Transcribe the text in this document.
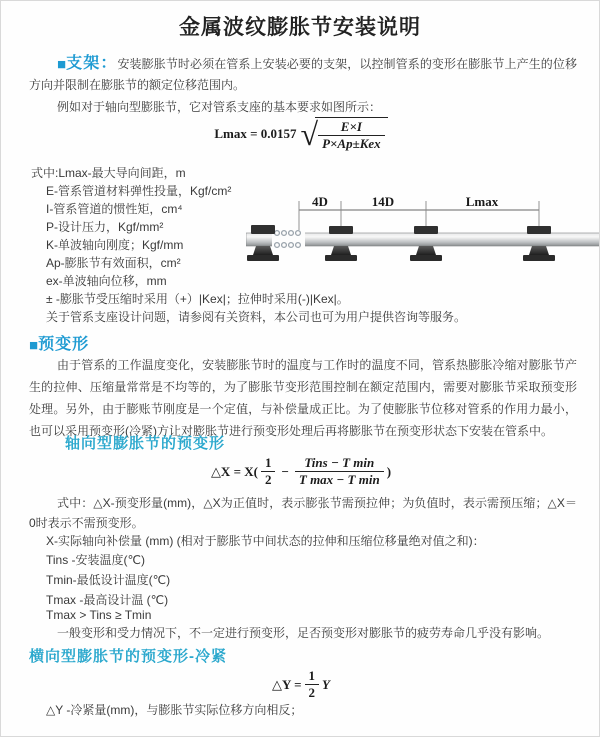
金属波纹膨胀节安装说明
■支架：安装膨胀节时必须在管系上安装必要的支架，以控制管系的变形在膨胀节上产生的位移方向并限制在膨胀节的额定位移范围内。
例如对于轴向型膨胀节，它对管系支座的基本要求如图所示：
Lmax = 0.0157 √ $\frac{E\times I}{\text{P×Ap±Kex}}$
式中:Lmax-最大导向间距，m
E-管系管道材料弹性投量，Kgf/cm²
I-管系管道的惯性矩，cm⁴
P-设计压力，Kgf/mm²
K-单波轴向刚度；Kgf/mm
Ap-膨胀节有效面积，cm²
ex-单波轴向位移，mm
± -膨胀节受压缩时采用（+）|Kex|；拉伸时采用(-)|Kex|。
关于管系支座设计问题，请参阅有关资料，本公司也可为用户提供咨询等服务。
4D	14D	Lmax
■预变形
由于管系的工作温度变化，安装膨胀节时的温度与工作时的温度不同，管系热膨胀冷缩对膨胀节产生的拉伸、压缩量常常是不均等的，为了膨胀节变形范围控制在额定范围内，需要对膨胀节采取预变形处理。另外，由于膨账节刚度是一个定值，与补偿量成正比。为了使膨胀节位移对管系的作用力最小，也可以采用预变形(冷紧)方让对膨胀节进行预变形处理后再将膨胀节在预变形状态下安装在管系中。
轴向型膨胀节的预变形
△X = $X( \frac{1}{2} - \frac{\text{Tins − T min}}{\text{T max − T min}}$ )
式中：△X-预变形量(mm)，△X为正值时，表示膨张节需预拉伸；为负值时，表示需预压缩；△X＝0时表示不需预变形。
X-实际轴向补偿量 (mm) (相对于膨胀节中间状态的拉伸和压缩位移量绝对值之和)：
Tins -安装温度(℃)
Tmin-最低设计温度(℃)
Tmax -最高设计温 (℃)
Tmax > Tins ≥ Tmin
一般变形和受力情况下，不一定进行预变形，足否预变形对膨胀节的疲劳寿命几乎没有影响。
横向型膨胀节的预变形-冷紧
△Y = $\frac{1}{2}$ Y
△Y -冷紧量(mm)，与膨胀节实际位移方向相反；
